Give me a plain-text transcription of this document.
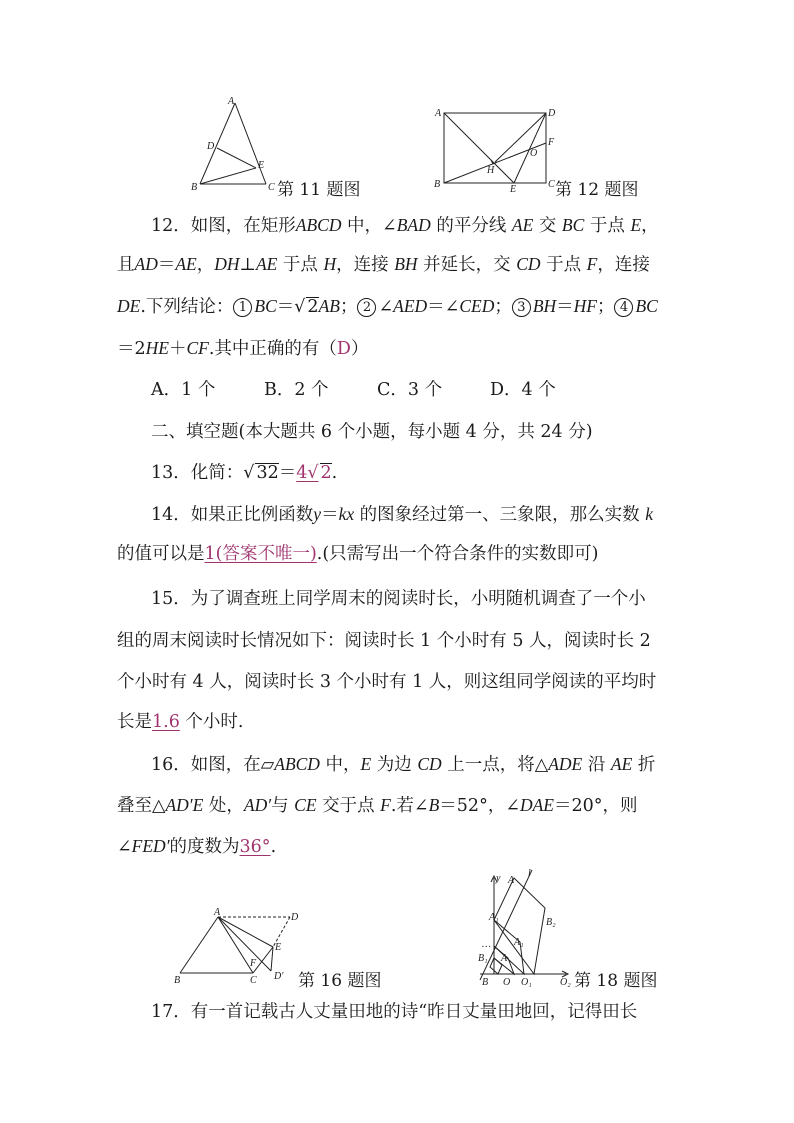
A
D
E
B	C 第 11 题图
A	D
F
O
H
B	E	C 第 12 题图
12．如图，在矩形ABCD 中，∠BAD 的平分线 AE 交 BC 于点 E，
且AD＝AE，DH⊥AE 于点 H，连接 BH 并延长，交 CD 于点 F，连接
DE.下列结论： 1 BC＝√ 2AB； 2 ∠AED＝∠CED； 3 BH＝HF； 4 BC
＝2HE＋CF.其中正确的有（D）
A．1 个	B．2 个	C．3 个	D．4 个
二、填空题(本大题共 6 个小题，每小题 4 分，共 24 分)
13．化简：√ 32＝4√ 2.
14．如果正比例函数y＝kx 的图象经过第一、三象限，那么实数 k
的值可以是1(答案不唯一).(只需写出一个符合条件的实数即可)
15．为了调查班上同学周末的阅读时长，小明随机调查了一个小
组的周末阅读时长情况如下：阅读时长 1 个小时有 5 人，阅读时长 2
个小时有 4 人，阅读时长 3 个小时有 1 人，则这组同学阅读的平均时
长是1.6 个小时.
16．如图，在▱ABCD 中，E 为边 CD 上一点，将△ADE 沿 AE 折
叠至△AD′E 处，AD′与 CE 交于点 F.若∠B＝52°，∠DAE＝20°，则
∠FED′的度数为36°.
A	D
E
F
B	C D′ 第 16 题图
y A
l
A₁	B₂
… A₁
B₁ A
B O O₁	O₂ 第 18 题图
17．有一首记载古人丈量田地的诗“昨日丈量田地回，记得田长
